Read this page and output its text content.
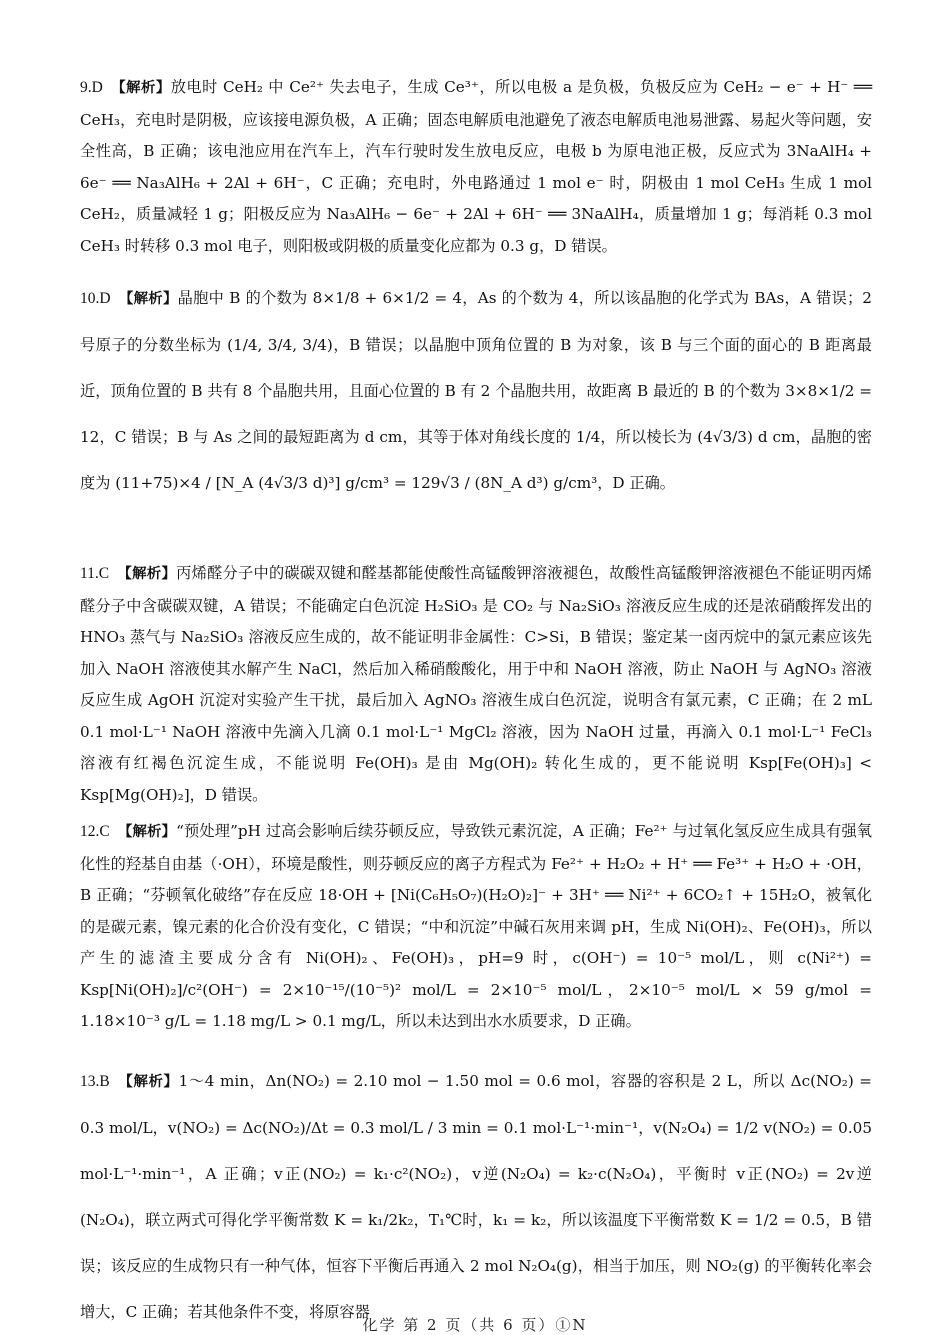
9.D 【解析】放电时 CeH₂ 中 Ce²⁺ 失去电子，生成 Ce³⁺，所以电极 a 是负极，负极反应为 CeH₂ − e⁻ + H⁻ ══ CeH₃，充电时是阴极，应该接电源负极，A 正确；固态电解质电池避免了液态电解质电池易泄露、易起火等问题，安全性高，B 正确；该电池应用在汽车上，汽车行驶时发生放电反应，电极 b 为原电池正极，反应式为 3NaAlH₄ + 6e⁻ ══ Na₃AlH₆ + 2Al + 6H⁻，C 正确；充电时，外电路通过 1 mol e⁻ 时，阴极由 1 mol CeH₃ 生成 1 mol CeH₂，质量减轻 1 g；阳极反应为 Na₃AlH₆ − 6e⁻ + 2Al + 6H⁻ ══ 3NaAlH₄，质量增加 1 g；每消耗 0.3 mol CeH₃ 时转移 0.3 mol 电子，则阳极或阴极的质量变化应都为 0.3 g，D 错误。

10.D 【解析】晶胞中 B 的个数为 8×1/8 + 6×1/2 = 4，As 的个数为 4，所以该晶胞的化学式为 BAs，A 错误；2 号原子的分数坐标为 (1/4, 3/4, 3/4)，B 错误；以晶胞中顶角位置的 B 为对象，该 B 与三个面的面心的 B 距离最近，顶角位置的 B 共有 8 个晶胞共用，且面心位置的 B 有 2 个晶胞共用，故距离 B 最近的 B 的个数为 3×8×1/2 = 12，C 错误；B 与 As 之间的最短距离为 d cm，其等于体对角线长度的 1/4，所以棱长为 (4√3/3) d cm，晶胞的密度为 (11+75)×4 / [N_A (4√3/3 d)³] g/cm³ = 129√3 / (8N_A d³) g/cm³，D 正确。

11.C 【解析】丙烯醛分子中的碳碳双键和醛基都能使酸性高锰酸钾溶液褪色，故酸性高锰酸钾溶液褪色不能证明丙烯醛分子中含碳碳双键，A 错误；不能确定白色沉淀 H₂SiO₃ 是 CO₂ 与 Na₂SiO₃ 溶液反应生成的还是浓硝酸挥发出的 HNO₃ 蒸气与 Na₂SiO₃ 溶液反应生成的，故不能证明非金属性：C>Si，B 错误；鉴定某一卤丙烷中的氯元素应该先加入 NaOH 溶液使其水解产生 NaCl，然后加入稀硝酸酸化，用于中和 NaOH 溶液，防止 NaOH 与 AgNO₃ 溶液反应生成 AgOH 沉淀对实验产生干扰，最后加入 AgNO₃ 溶液生成白色沉淀，说明含有氯元素，C 正确；在 2 mL 0.1 mol·L⁻¹ NaOH 溶液中先滴入几滴 0.1 mol·L⁻¹ MgCl₂ 溶液，因为 NaOH 过量，再滴入 0.1 mol·L⁻¹ FeCl₃ 溶液有红褐色沉淀生成，不能说明 Fe(OH)₃ 是由 Mg(OH)₂ 转化生成的，更不能说明 Ksp[Fe(OH)₃] < Ksp[Mg(OH)₂]，D 错误。

12.C 【解析】“预处理”pH 过高会影响后续芬顿反应，导致铁元素沉淀，A 正确；Fe²⁺ 与过氧化氢反应生成具有强氧化性的羟基自由基（·OH），环境是酸性，则芬顿反应的离子方程式为 Fe²⁺ + H₂O₂ + H⁺ ══ Fe³⁺ + H₂O + ·OH，B 正确；“芬顿氧化破络”存在反应 18·OH + [Ni(C₆H₅O₇)(H₂O)₂]⁻ + 3H⁺ ══ Ni²⁺ + 6CO₂↑ + 15H₂O，被氧化的是碳元素，镍元素的化合价没有变化，C 错误；“中和沉淀”中碱石灰用来调 pH，生成 Ni(OH)₂、Fe(OH)₃，所以产生的滤渣主要成分含有 Ni(OH)₂、Fe(OH)₃，pH=9 时，c(OH⁻) = 10⁻⁵ mol/L，则 c(Ni²⁺) = Ksp[Ni(OH)₂]/c²(OH⁻) = 2×10⁻¹⁵/(10⁻⁵)² mol/L = 2×10⁻⁵ mol/L，2×10⁻⁵ mol/L × 59 g/mol = 1.18×10⁻³ g/L = 1.18 mg/L > 0.1 mg/L，所以未达到出水水质要求，D 正确。

13.B 【解析】1～4 min，Δn(NO₂) = 2.10 mol − 1.50 mol = 0.6 mol，容器的容积是 2 L，所以 Δc(NO₂) = 0.3 mol/L，v(NO₂) = Δc(NO₂)/Δt = 0.3 mol/L / 3 min = 0.1 mol·L⁻¹·min⁻¹，v(N₂O₄) = 1/2 v(NO₂) = 0.05 mol·L⁻¹·min⁻¹，A 正确；v正(NO₂) = k₁·c²(NO₂)，v逆(N₂O₄) = k₂·c(N₂O₄)，平衡时 v正(NO₂) = 2v逆(N₂O₄)，联立两式可得化学平衡常数 K = k₁/2k₂，T₁℃时，k₁ = k₂，所以该温度下平衡常数 K = 1/2 = 0.5，B 错误；该反应的生成物只有一种气体，恒容下平衡后再通入 2 mol N₂O₄(g)，相当于加压，则 NO₂(g) 的平衡转化率会增大，C 正确；若其他条件不变，将原容器

化学 第 2 页（共 6 页）①N
